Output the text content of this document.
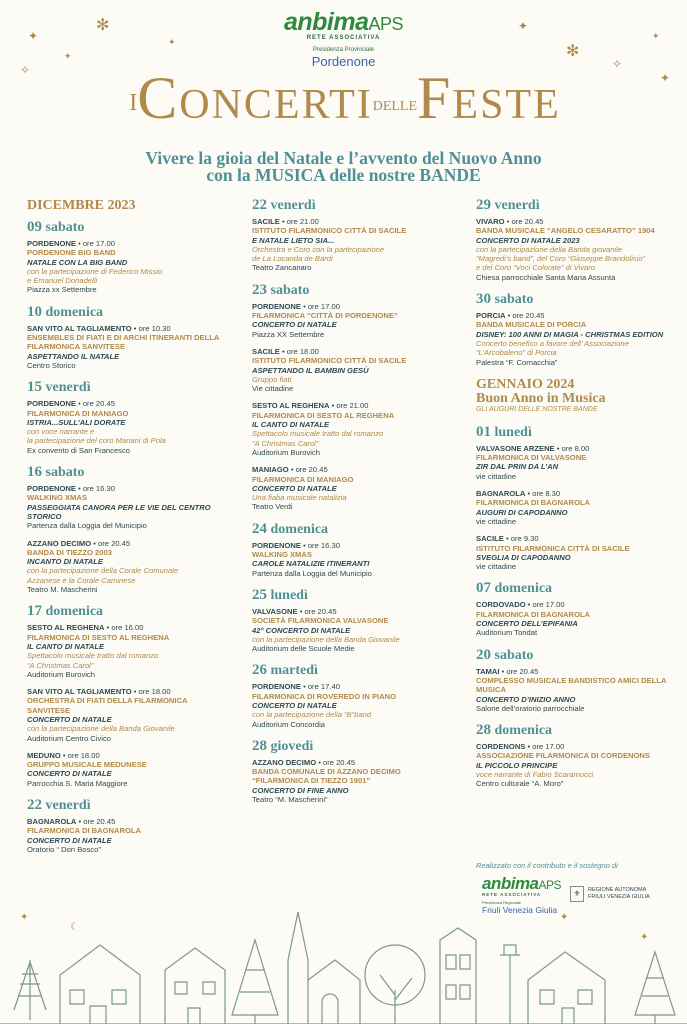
✦
✻
✧
✦
✦
✦
✻
✧
✦
✦
anbimaAPS
RETE ASSOCIATIVA
Presidenza Provinciale
Pordenone
IConcertidelleFeste
Vivere la gioia del Natale e l’avvento del Nuovo Anno
con la MUSICA delle nostre BANDE
DICEMBRE 2023
09 sabato
PORDENONE • ore 17.00
PORDENONE BIG BAND
NATALE CON LA BIG BAND
con la partecipazione di Federico Missio
e Emanuel Donadelli
Piazza xx Settembre
10 domenica
SAN VITO AL TAGLIAMENTO • ore 10.30
ENSEMBLES DI FIATI E DI ARCHI ITINERANTI DELLA FILARMONICA SANVITESE
ASPETTANDO IL NATALE
Centro Storico
15 venerdì
PORDENONE • ore 20.45
FILARMONICA DI MANIAGO
ISTRIA...SULL’ALI DORATE
con voce narrante e
la partecipazione del coro Mariani di Pola
Ex convento di San Francesco
16 sabato
PORDENONE • ore 16.30
WALKING XMAS
PASSEGGIATA CANORA PER LE VIE DEL CENTRO STORICO
Partenza dalla Loggia del Municipio
AZZANO DECIMO • ore 20.45
BANDA DI TIEZZO 2003
INCANTO DI NATALE
con la partecipazione della Corale Comunale
Azzanese e la Corale Caminese
Teatro M. Mascherini
17 domenica
SESTO AL REGHENA • ore 16.00
FILARMONICA DI SESTO AL REGHENA
IL CANTO DI NATALE
Spettacolo musicale tratto dal romanzo
“A Christmas Carol”
Auditorium Burovich
SAN VITO AL TAGLIAMENTO • ore 18.00
ORCHESTRA DI FIATI DELLA FILARMONICA SANVITESE
CONCERTO DI NATALE
con la partecipazione della Banda Giovanile
Auditorium Centro Civico
MEDUNO • ore 18.00
GRUPPO MUSICALE MEDUNESE
CONCERTO DI NATALE
Parrocchia S. Maria Maggiore
22 venerdì
BAGNAROLA • ore 20.45
FILARMONICA DI BAGNAROLA
CONCERTO DI NATALE
Oratorio “ Don Bosco”
22 venerdì
SACILE • ore 21.00
ISTITUTO FILARMONICO CITTÀ DI SACILE
E NATALE LIETO SIA...
Orchestra e Coro con la partecipazione
de La Locanda de Bardi
Teatro Zancanaro
23 sabato
PORDENONE • ore 17.00
FILARMONICA “CITTÀ DI PORDENONE”
CONCERTO DI NATALE
Piazza XX Settembre
SACILE • ore 18.00
ISTITUTO FILARMONICO CITTÀ DI SACILE
ASPETTANDO IL BAMBIN GESÙ
Gruppo fiati
Vie cittadine
SESTO AL REGHENA • ore 21.00
FILARMONICA DI SESTO AL REGHENA
IL CANTO DI NATALE
Spettacolo musicale tratto dal romanzo
“A Christmas Carol”
Auditorium Burovich
MANIAGO • ore 20.45
FILARMONICA DI MANIAGO
CONCERTO DI NATALE
Una fiaba musicale natalizia
Teatro Verdi
24 domenica
PORDENONE • ore 16.30
WALKING XMAS
CAROLE NATALIZIE ITINERANTI
Partenza dalla Loggia del Municipio
25 lunedì
VALVASONE • ore 20.45
SOCIETÀ FILARMONICA VALVASONE
42° CONCERTO DI NATALE
con la partecipazione della Banda Giovanile
Auditorium delle Scuole Medie
26 martedì
PORDENONE • ore 17.40
FILARMONICA DI ROVEREDO IN PIANO
CONCERTO DI NATALE
con la partecipazione della “B”band
Auditorium Concordia
28 giovedì
AZZANO DECIMO • ore 20.45
BANDA COMUNALE DI AZZANO DECIMO “FILARMONICA DI TIEZZO 1901”
CONCERTO DI FINE ANNO
Teatro “M. Mascherini”
29 venerdì
VIVARO • ore 20.45
BANDA MUSICALE “ANGELO CESARATTO” 1904
CONCERTO DI NATALE 2023
con la partecipazione della Banda giovanile
“Magredi’s band”, del Coro “Giuseppe Brandolisio”
e del Coro “Voci Colorate” di Vivaro
Chiesa parrocchiale Santa Maria Assunta
30 sabato
PORCIA • ore 20.45
BANDA MUSICALE DI PORCIA
DISNEY: 100 ANNI DI MAGIA - CHRISTMAS EDITION
Concerto benefico a favore dell’ Associazione
“L’Arcobaleno” di Porcia
Palestra “F. Cornacchia”
GENNAIO 2024
Buon Anno in Musica
GLI AUGURI DELLE NOSTRE BANDE
01 lunedì
VALVASONE ARZENE • ore 8.00
FILARMONICA DI VALVASONE
ZIR DAL PRIN DA L’AN
vie cittadine
BAGNAROLA • ore 8.30
FILARMONICA DI BAGNAROLA
AUGURI DI CAPODANNO
vie cittadine
SACILE • ore 9.30
ISTITUTO FILARMONICA CITTÀ DI SACILE
SVEGLIA DI CAPODANNO
vie cittadine
07 domenica
CORDOVADO • ore 17.00
FILARMONICA DI BAGNAROLA
CONCERTO DELL’EPIFANIA
Auditorium Tondat
20 sabato
TAMAI • ore 20.45
COMPLESSO MUSICALE BANDISTICO AMICI DELLA MUSICA
CONCERTO D’INIZIO ANNO
Salone dell’oratorio parrocchiale
28 domenica
CORDENONS • ore 17.00
ASSOCIAZIONE FILARMONICA DI CORDENONS
IL PICCOLO PRINCIPE
voce narrante di Fabio Scaramucci
Centro culturale “A. Moro”
Realizzato con il contributo e il sostegno di
anbimaAPS
RETE ASSOCIATIVA
Presidenza Regionale
Friuli Venezia Giulia
⚜ REGIONE AUTONOMA
FRIULI VENEZIA GIULIA
☾
✦
✦
✦
